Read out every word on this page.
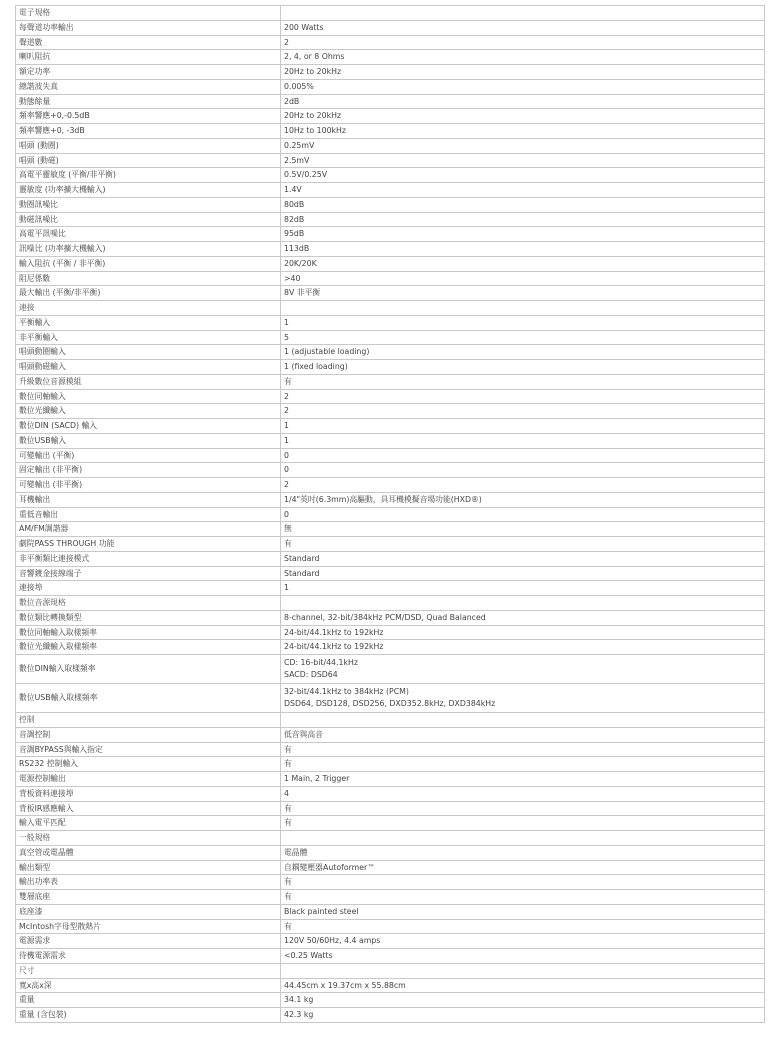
電子規格	
每聲道功率輸出	200 Watts
聲道數	2
喇叭阻抗	2, 4, or 8 Ohms
額定功率	20Hz to 20kHz
總諧波失真	0.005%
動態餘量	2dB
頻率響應+0,-0.5dB	20Hz to 20kHz
頻率響應+0, -3dB	10Hz to 100kHz
唱頭 (動圈)	0.25mV
唱頭 (動磁)	2.5mV
高電平靈敏度 (平衡/非平衡)	0.5V/0.25V
靈敏度 (功率擴大機輸入)	1.4V
動圈訊噪比	80dB
動磁訊噪比	82dB
高電平訊噪比	95dB
訊噪比 (功率擴大機輸入)	113dB
輸入阻抗 (平衡 / 非平衡)	20K/20K
阻尼係數	>40
最大輸出 (平衡/非平衡)	8V 非平衡
連接	
平衡輸入	1
非平衡輸入	5
唱頭動圈輸入	1 (adjustable loading)
唱頭動磁輸入	1 (fixed loading)
升級數位音源模組	有
數位同軸輸入	2
數位光纖輸入	2
數位DIN (SACD) 輸入	1
數位USB輸入	1
可變輸出 (平衡)	0
固定輸出 (非平衡)	0
可變輸出 (非平衡)	2
耳機輸出	1/4"英吋(6.3mm)高驅動，具耳機模擬音場功能(HXD®)
重低音輸出	0
AM/FM調諧器	無
劇院PASS THROUGH 功能	有
非平衡類比連接模式	Standard
音響鍍金接線端子	Standard
連接埠	1
數位音源規格	
數位類比轉換類型	8-channel, 32-bit/384kHz PCM/DSD, Quad Balanced
數位同軸輸入取樣頻率	24-bit/44.1kHz to 192kHz
數位光纖輸入取樣頻率	24-bit/44.1kHz to 192kHz
數位DIN輸入取樣頻率	CD: 16-bit/44.1kHz
SACD: DSD64

數位USB輸入取樣頻率	32-bit/44.1kHz to 384kHz (PCM)
DSD64, DSD128, DSD256, DXD352.8kHz, DXD384kHz

控制	
音調控制	低音與高音
音調BYPASS與輸入指定	有
RS232 控制輸入	有
電源控制輸出	1 Main, 2 Trigger
背板資料連接埠	4
背板IR感應輸入	有
輸入電平匹配	有
一般規格	
真空管或電晶體	電晶體
輸出類型	自耦變壓器Autoformer™
輸出功率表	有
雙層底座	有
底座漆	Black painted steel
McIntosh字母型散熱片	有
電源需求	120V 50/60Hz, 4.4 amps
待機電源需求	<0.25 Watts
尺寸	
寬x高x深	44.45cm x 19.37cm x 55.88cm
重量	34.1 kg
重量 (含包裝)	42.3 kg
